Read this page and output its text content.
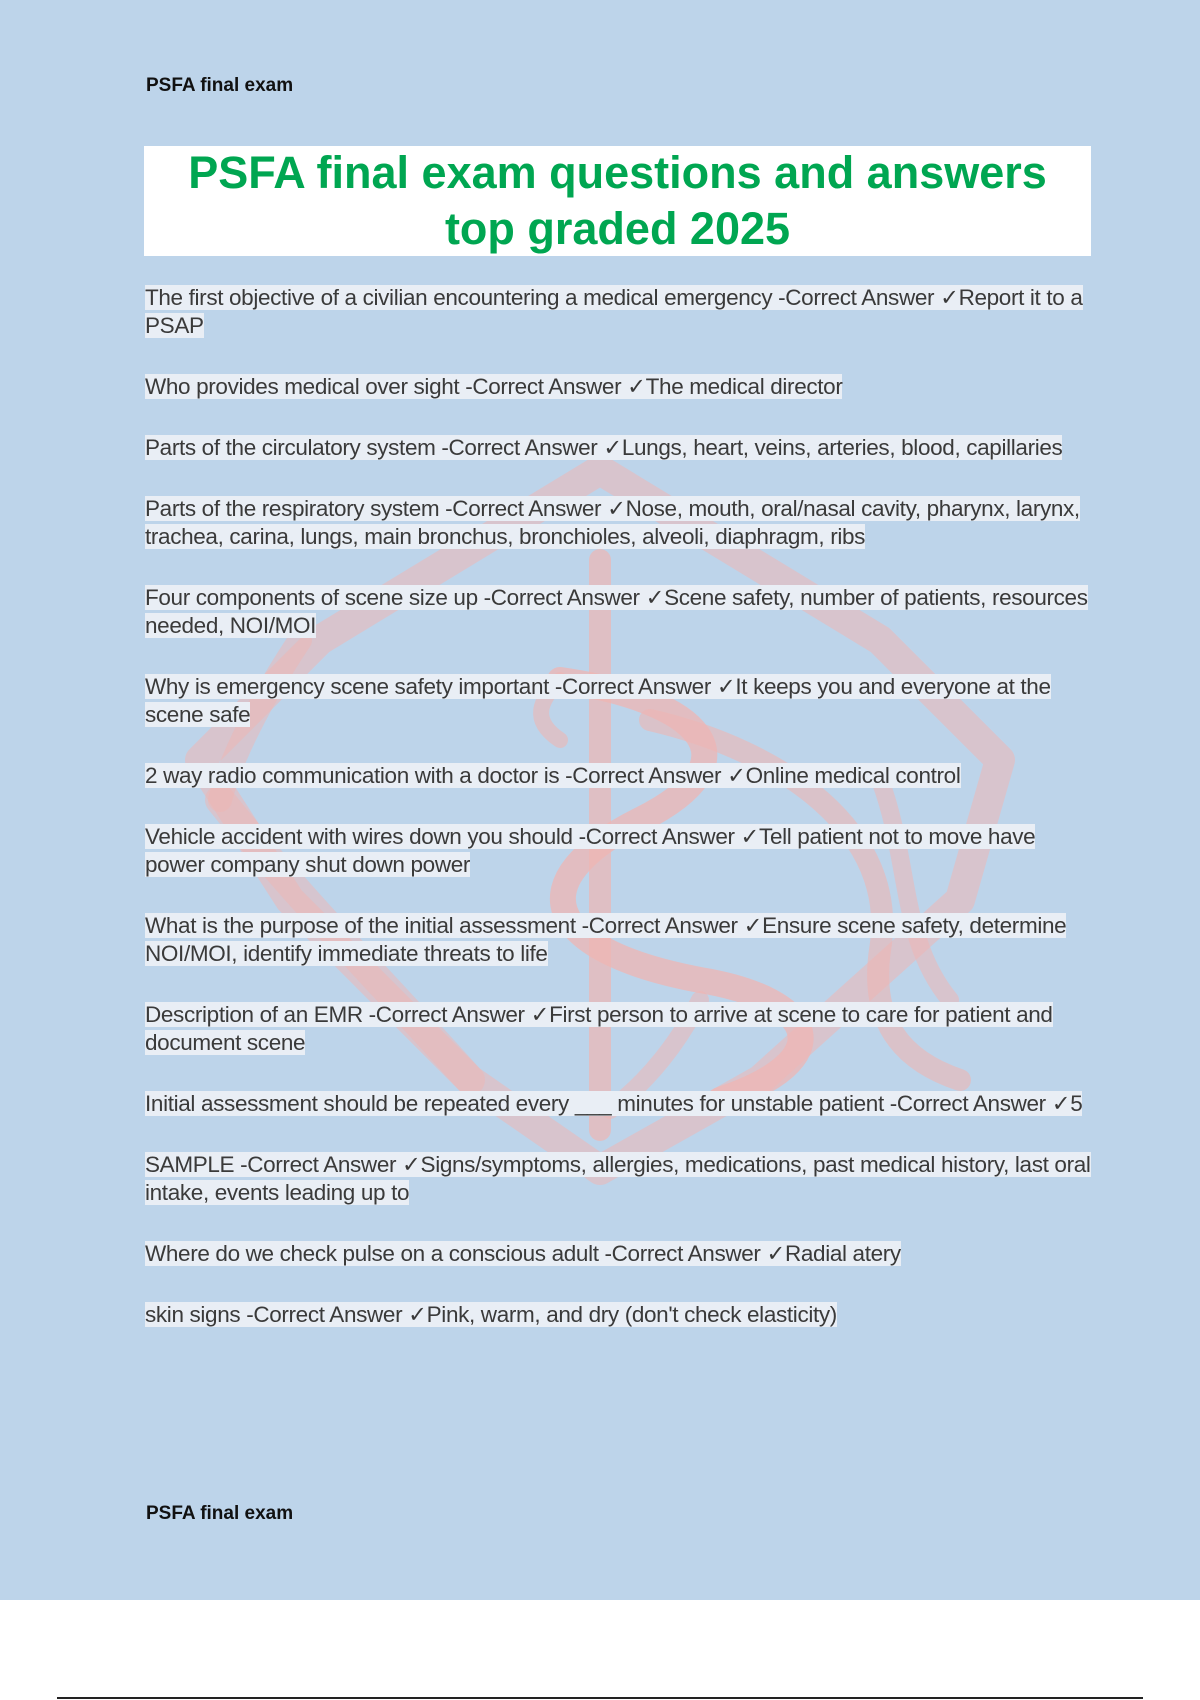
PSFA final exam
PSFA final exam questions and answers
top graded 2025
The first objective of a civilian encountering a medical emergency -Correct Answer ✓Report it to a PSAP
Who provides medical over sight -Correct Answer ✓The medical director
Parts of the circulatory system -Correct Answer ✓Lungs, heart, veins, arteries, blood, capillaries
Parts of the respiratory system -Correct Answer ✓Nose, mouth, oral/nasal cavity, pharynx, larynx, trachea, carina, lungs, main bronchus, bronchioles, alveoli, diaphragm, ribs
Four components of scene size up -Correct Answer ✓Scene safety, number of patients, resources needed, NOI/MOI
Why is emergency scene safety important -Correct Answer ✓It keeps you and everyone at the scene safe
2 way radio communication with a doctor is -Correct Answer ✓Online medical control
Vehicle accident with wires down you should -Correct Answer ✓Tell patient not to move have power company shut down power
What is the purpose of the initial assessment -Correct Answer ✓Ensure scene safety, determine NOI/MOI, identify immediate threats to life
Description of an EMR -Correct Answer ✓First person to arrive at scene to care for patient and document scene
Initial assessment should be repeated every ___ minutes for unstable patient -Correct Answer ✓5
SAMPLE -Correct Answer ✓Signs/symptoms, allergies, medications, past medical history, last oral intake, events leading up to
Where do we check pulse on a conscious adult -Correct Answer ✓Radial atery
skin signs -Correct Answer ✓Pink, warm, and dry (don't check elasticity)
PSFA final exam
